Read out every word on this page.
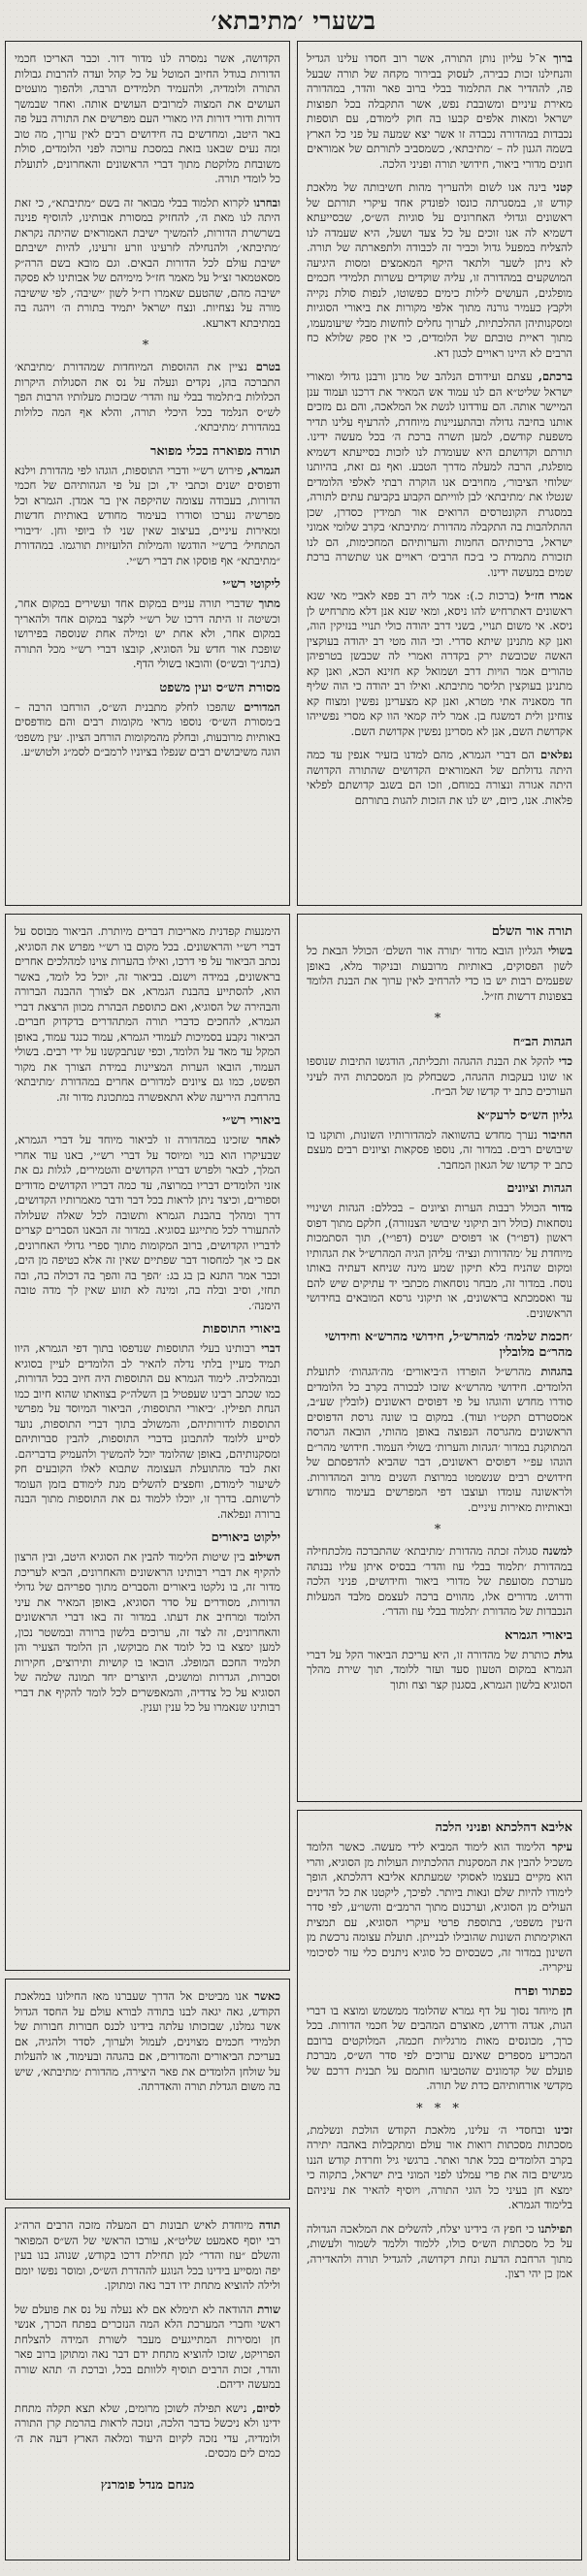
בשערי ׳מתיבתא׳

ברוך א־ל עליון נותן התורה, אשר רוב חסדו עלינו הגדיל והנחילנו זכות כבירה, לעסוק בבירור מקחה של תורה שבעל פה, לההדיר את התלמוד בבלי ברוב פאר והדר, במהדורה מאירת עיניים ומשובבת נפש, אשר התקבלה בכל תפוצות ישראל ומאות אלפים קבעו בה חוק לימודם, עם תוספות נכבדות במהדורה נכבדה זו אשר יצא שמעה על פני כל הארץ בשמה הגנון לה – ׳מתיבתא׳, כשמסביב לתורתם של אמוראים חונים מדורי ביאור, חידושי תורה ופניני הלכה.

קטני בינה אנו לשום ולהעריך מהות חשיבותה של מלאכת קודש זו, במסגרתה כונסו לפונדק אחד עיקרי תורתם של ראשונים וגדולי האחרונים על סוגיות הש״ס, שבסייעתא דשמיא לה אנו זוכים על כל צעד ושעל, היא שעמדה לנו להצליח במפעל גדול וכביר זה לכבודה ולתפארתה של תורה. לא ניתן לשער ולתאר היקף המאמצים ומסות היגיעה המושקעים במהדורה זו, עליה שוקדים עשרות תלמידי חכמים מופלגים, העושים לילות כימים כפשוטו, לנפות סולת נקייה ולקבץ כעמיר גורנה מתוך אלפי מקורות את ביאורי הסוגיות ומסקנותיהן ההלכתיות, לערוך גחלים לוחשות מבלי שיעומעמו, מתוך ראיית טובתם של הלומדים, כי אין ספק שלולא כח הרבים לא היינו ראויים לכגון דא.

ברכתם, עצתם ועידודם הנלהב של מרנן ורבנן גדולי ומאורי ישראל שליט״א הם לנו עמוד אש המאיר את דרכנו ועמוד ענן המיישר אותה. הם עודדונו לגשת אל המלאכה, והם גם מזכים אותנו בחיבה גדולה ובהתעניינות מיוחדת, להרעיף עלינו תדיר משפעת קודשם, למען תשרה ברכת ה׳ בכל מעשה ידינו. תורתם וקדושתם היא שעומדת לנו לזכות בסייעתא דשמיא מופלגת, הרבה למעלה מדרך הטבע. ואף גם זאת, בהיותנו ׳שלוחי הציבור׳, מחויבים אנו הוקרה רבתי לאלפי הלומדים שנטלו את ׳מתיבתא׳ לבן לווייתם הקבוע בקביעת עתים לתורה, במסגרת הקונטרסים הרואים אור תמידין כסדרן, שכן ההתלהבות בה התקבלה מהדורת ׳מתיבתא׳ בקרב שלומי אמוני ישראל, ברכותיהם החמות והערותיהם המחכימות, הם לנו תזכורת מתמדת כי ב׳כח הרבים׳ ראויים אנו שתשרה ברכת שמים במעשה ידינו.

אמרו חז״ל (ברכות כ.): אמר ליה רב פפא לאביי מאי שנא ראשונים דאתרחיש להו ניסא, ומאי שנא אנן דלא מתרחיש לן ניסא. אי משום תנויי, בשני דרב יהודה כולי תנויי בנזיקין הוה, ואנן קא מתנינן שיתא סדרי. וכי הוה מטי רב יהודה בעוקצין האשה שכובשת ירק בקדרה ואמרי לה שכבשן בטרפיהן טהורים אמר הויות דרב ושמואל קא חזינא הכא, ואנן קא מתנינן בעוקצין תליסר מתיבתא. ואילו רב יהודה כי הוה שליף חד מסאניה אתי מטרא, ואנן קא מצערינן נפשין ומצוח קא צוחינן ולית דמשגח בן. אמר ליה קמאי הוו קא מסרי נפשייהו אקדושת השם, אנן לא מסרינן נפשין אקדושת השם.

נפלאים הם דברי הגמרא, מהם למדנו בזעיר אנפין עד כמה היתה גדולתם של האמוראים הקדושים שהתורה הקדושה היתה אגורה ונצורה במוחם, וזכו הם בשגב קדושתם לפלאי פלאות. אנו, כיום, יש לנו את הזכות להגות בתורתם

תורה אור השלם

בשולי הגליון הובא מדור ׳תורה אור השלם׳ הכולל הבאת כל לשון הפסוקים, באותיות מרובעות ובניקוד מלא, באופן שפעמים רבות יש בו כדי להרחיב לאין ערוך את הבנת הלומד בצפונות דרשות חז״ל.

*
הגהות הב״ח

כדי להקל את הבנת ההגהה ותכליתה, הודגשו התיבות שנוספו או שונו בעקבות ההגהה, כשבחלק מן המסכתות היה לעיני העורכים כתב יד קדשו של הב״ח.

גליון הש״ס לרעק״א

החיבור נערך מחדש בהשוואה למהדורותיו השונות, ותוקנו בו שיבושים רבים. במדור זה, נוספו פסקאות וציונים רבים מעצם כתב יד קדשו של הגאון המחבר.

הגהות וציונים

מדור הכולל רבבות הערות וציונים – בכללם: הגהות ושינויי נוסחאות (כולל רוב תיקוני שיבושי הצנזורה), חלקם מתוך דפוס ראשון (דפו״ר) או דפוסים ישנים (דפו״י), תוך הסתמכות מיוחדת על ׳מהדורות ונציה׳ עליהן הגיה המהרש״ל את הגהותיו ומקום שהניח בלא תיקון שמע מינה שניחא דעתיה באותו נוסח. במדור זה, מבחר נוסחאות מכתבי יד עתיקים שיש להם עד ואסמכתא בראשונים, או תיקוני גרסא המובאים בחידושי הראשונים.

׳חכמת שלמה׳ למהרש״ל, חידושי מהרש״א וחידושי מהר״ם מלובלין

בהגהות מהרש״ל הופרדו ה׳ביאורים׳ מה׳הגהות׳ לתועלת הלומדים. חידושי מהרש״א שזכו לבכורה בקרב כל הלומדים סודרו מחדש והוגהו על פי דפוסים ראשונים (לובלין שע״ב, אמסטרדם תקט״ו ועוד). במקום בו שונה גרסת הדפוסים הראשונים מהגרסה הנפוצה באופן מהותי, הובאה הגרסה המתוקנת במדור ׳הגהות והערות׳ בשולי העמוד. חידושי מהר״ם הוגהו עפ״י דפוסים ראשונים, דבר שהביא להדפסתם של חידושים רבים שנשמטו במרוצת השנים מרוב המהדורות. ולראשונה עומדו ועוצבו דפי המפרשים בעימוד מחודש ובאותיות מאירות עיניים.

*

למשנה סגולה זכתה מהדורת ׳מתיבתא׳ שהתברכה מלכתחילה במהדורת ׳תלמוד בבלי עוז והדר׳ בבסיס איתן עליו נבנתה מערכת מסועפת של מדורי ביאור וחידושים, פניני הלכה ודרוש. מדורים אלו, מהווים ברכה לעצמם מלבד המעלות הנכבדות של מהדורת ׳תלמוד בבלי עוז והדר׳.

ביאורי הגמרא

גולת כותרת של מהדורה זו, היא עריכת הביאור הקל על דברי הגמרא במקום הטעון סעד ועזר ללומד, תוך שירת מהלך הסוגיא בלשון הגמרא, בסגנון קצר וצח ותוך

אליבא דהלכתא ופניני הלכה

עיקר הלימוד הוא לימוד המביא לידי מעשה. כאשר הלומד משכיל להבין את המסקנות ההלכתיות העולות מן הסוגיא, והרי הוא מקיים בעצמו לאסוקי שמעתתא אליבא דהלכתא, הופך לימודו להיות שלם ונאות ביותר. לפיכך, ליקטנו את כל הדינים העולים מן הסוגיא, וערכנום מתוך הרמב״ם והשו״ע, לפי סדר ה׳עין משפט׳, בתוספת פרטי עיקרי הסוגיא, עם תמצית האוקימתות השונות שהובילו לבנייתן. תועלת עצומה נרכשת מן השינון במדור זה, כשבסיום כל סוגיא ניתנים כלי עזר לסיכומי עיקריה.

כפתור ופרח

חן מיוחד נסוך על דף גמרא שהלומד ממשמש ומוצא בו דברי הגות, אגדה ודרוש, מאוצרם המהבים של חכמי הדורות. בכל כרך, מכונסים מאות מרגליות חכמה, המלוקטים ברובם המכריע מספרים שאינם ערוכים לפי סדר הש״ס, מברכת פועלם של קדמונים שהטביעו חותמם על תבנית דרכם של מקדשי אורחותיהם כדת של תורה.

* * *

זכינו ובחסדי ה׳ עלינו, מלאכת הקודש הולכת ונשלמת, מסכתות מסכתות רואות אור עולם ומתקבלות באהבה יתירה בקרב הלומדים בכל אתר ואתר. ברגשי גיל וחרדת קודש הננו מגישים בזה את פרי עמלנו לפני המוני בית ישראל, בתקוה כי ימצא חן בעיני כל הוגי התורה, ויוסיף להאיר את עיניהם בלימוד הגמרא.

תפילתנו כי חפץ ה׳ בידינו יצלח, להשלים את המלאכה הגדולה על כל מסכתות הש״ס כולו, ללמוד וללמד לשמור ולעשות, מתוך הרחבת הדעת ונחת דקדושה, להגדיל תורה ולהאדירה, אמן כן יהי רצון.

הקדושה, אשר נמסרה לנו מדור דור. וכבר האריכו חכמי הדורות בגודל החיוב המוטל על כל קהל ועדה להרבות גבולות התורה ולומדיה, ולהעמיד תלמידים הרבה, ולהפוך מועטים העושים את המצוה למרובים העושים אותה. ואחר שבמשך דורות ודורי דורות היו מאורי העם מפרשים את התורה בעל פה באר היטב, ומחדשים בה חידושים רבים לאין ערוך, מה טוב ומה נעים שבאנו בזאת במסכת ערוכה לפני הלומדים, סולת משובחת מלוקטת מתוך דברי הראשונים והאחרונים, לתועלת כל לומדי תורה.

ובחרנו לקרוא תלמוד בבלי מבואר זה בשם ״מתיבתא״, כי זאת היתה לנו מאת ה׳, להחזיק במסורת אבותינו, להוסיף פנינה בשרשרת הדורות, להמשיך ישיבת האמוראים שהיתה נקראת ׳מתיבתא׳, ולהנחילה לזרעינו וזרע זרעינו, להיות ישיבתם ישיבת עולם לכל הדורות הבאים. וגם מובא בשם הרה״ק מסאטמאר זצ״ל על מאמר חז״ל מימיהם של אבותינו לא פסקה ישיבה מהם, שהטעם שאמרו רז״ל לשון ׳ישיבה׳, לפי שישיבה מורה על נצחיות. ונצח ישראל יתמיד בתורת ה׳ ויהגה בה במתיבתא דארעא.

*

בטרם נציין את ההוספות המיוחדות שמהדורת ׳מתיבתא׳ התברכה בהן, נקדים ונעלה על נס את הסגולות היקרות הכלולות ב׳תלמוד בבלי עוז והדר׳ שבזכות מעלותיו הרבות הפך לש״ס הנלמד בכל היכלי תורה, והלא אף המה כלולות במהדורת ׳מתיבתא׳.

תורה מפוארה בכלי מפואר

הגמרא, פירוש רש״י ודברי התוספות, הוגהו לפי מהדורת וילנא ודפוסים ישנים וכתבי יד, וכן על פי הגהותיהם של חכמי הדורות, בעבודה עצומה שהיקפה אין בר אמדן. הגמרא וכל מפרשיה נערכו וסודרו בעימוד מחודש באותיות חדשות ומאירות עיניים, בעיצוב שאין שני לו ביופי וחן. ׳דיבורי המתחיל׳ ברש״י הודגשו והמילות הלועזיות תורגמו. במהדורת ״מתיבתא״ אף פוסקו את דברי רש״י.

ליקוטי רש״י

מתוך שדברי תורה עניים במקום אחד ועשירים במקום אחר, וכשיטה זו היתה דרכו של רש״י לקצר במקום אחד ולהאריך במקום אחר, ולא אחת יש ומילה אחת שנוספה בפירושו שופכת אור חדש על הסוגיא, קובצו דברי רש״י מכל התורה (בתנ״ך ובש״ס) והובאו בשולי הדף.

מסורת הש״ס ועין משפט

המדורים שהפכו לחלק מתבנית הש״ס, הורחבו הרבה – ב׳מסורת הש״ס׳ נוספו מראי מקומות רבים והם מודפסים באותיות מרובעות, ובחלק מהמקומות הורחב הציון. ׳עין משפט׳ הוגה משיבושים רבים שנפלו בציוניו לרמב״ם לסמ״ג ולטוש״ע.

הימנעות קפדנית מאריכות דברים מיותרת. הביאור מבוסס על דברי רש״י והראשונים. בכל מקום בו רש״י מפרש את הסוגיא, נכתב הביאור על פי דרכו, ואילו בהערות צוינו למהלכים אחרים בראשונים, במידה וישנם. בביאור זה, יוכל כל לומד, באשר הוא, להסתייע בהבנת הגמרא, אם לצורך ההבנה הברורה והבהירה של הסוגיא, ואם כתוספת הבהרת מכוון הרצאת דברי הגמרא, להחכים כדברי תורה המתהדרים בדקדוק חברים. הביאור נקבע בסמיכות לעמודי הגמרא, עמוד כנגד עמוד, באופן המקל עד מאד על הלומד, וכפי שנתבקשנו על ידי רבים. בשולי העמוד, הובאו הערות המציינות במידת הצורך את מקור הפשט, כמו גם ציונים למדורים אחרים במהדורת ׳מתיבתא׳ בהרחבת היריעה שלא התאפשרה במתכונת מדור זה.

ביאורי רש״י

לאחר שזכינו במהדורה זו לביאור מיוחד על דברי הגמרא, שבעיקרו הוא בנוי ומיוסד על דברי רש״י, באנו עוד אחרי המלך, לבאר ולפרש דבריו הקדושים והטמירים, לגלות גם את אזני הלומדים דבריו במרוצה, עד כמה דבריו הקדושים מדודים וספורים, וכיצד ניתן לראות בכל דבר ודבר מאמרותיו הקדושים, דרך ומהלך בהבנת הגמרא ותשובה לכל שאלה שעלולה להתעורר לכל מתייגע בסוגיא. במדור זה הבאנו הסברים קצרים לדבריו הקדושים, ברוב המקומות מתוך ספרי גדולי האחרונים, אם כי אך למחסור דבר שפתיים שאין זה אלא כטיפה מן הים, וכבר אמר התנא בן בג בג: ׳הפך בה והפך בה דכולה בה, ובה תחזי, וסיב ובלה בה, ומינה לא תזוע שאין לך מדה טובה הימנה׳.

ביאורי התוספות

דברי רבותינו בעלי התוספות שנדפסו בתוך דפי הגמרא, היוו תמיד מעיין בלתי נדלה להאיר לב הלומדים לעיין בסוגיא ובמהלכיה. לימוד הגמרא עם התוספות היה חיוב בכל הדורות, כמו שכתב רבינו שעפטיל בן השלה״ק בצוואתו שהוא חיוב כמו הנחת תפילין. ׳ביאורי התוספות׳, הביאור המיוסד על מפרשי התוספות לדורותיהם, והמשולב בתוך דברי התוספות, נועד לסייע ללומד להתבונן בדברי התוספות, להבין סברותיהם ומסקנותיהם, באופן שהלומד יוכל להמשיך ולהעמיק בדבריהם. זאת לבד מהתועלת העצומה שתבוא לאלו הקובעים חק לשיעור לימודם, וחפצים להשלים מנת לימודם בזמן העומד לרשותם. בדרך זו, יוכלו ללמוד גם את התוספות מתוך הבנה ברורה ונפלאה.

ילקוט ביאורים

השילוב בין שיטות הלימוד להבין את הסוגיא היטב, ובין הרצון להקיף את דברי רבותינו הראשונים והאחרונים, הביא לעריכת מדור זה, בו נלקטו ביאורים והסברים מתוך ספריהם של גדולי הדורות, מסודרים על סדר הסוגיא, באופן המאיר את עיני הלומד ומרחיב את דעתו. במדור זה באו דברי הראשונים והאחרונים, זה לצד זה, ערוכים בלשון ברורה ובמשטר נכון, למען ימצא בו כל לומד את מבוקשו, הן הלומד הצעיר והן תלמיד החכם המופלג. הובאו בו קושיות ותירוצים, חקירות וסברות, הגדרות ומושגים, היוצרים יחד תמונה שלמה של הסוגיא על כל צדדיה, והמאפשרים לכל לומד להקיף את דברי רבותינו שנאמרו על כל ענין וענין.

כאשר אנו מביטים אל הדרך שעברנו מאז החילונו במלאכת הקודש, גאה יגאה לבנו בתודה לבורא עולם על החסד הגדול אשר גמלנו, שבזכותו עלתה בידינו לכנס חבורות חבורות של תלמידי חכמים מצוינים, לעמול ולערוך, לסדר ולהגיה, אם בעריכת הביאורים והמדורים, אם בהגהה ובעימוד, או להעלות על שולחן הלומדים את פאר היצירה, מהדורת ׳מתיבתא׳, שיש בה משום הגדלת תורה והאדרתה.

תודה מיוחדת לאיש תבונות רם המעלה מזכה הרבים הרה״ג רבי יוסף סאמעט שליט״א, עורכו הראשי של הש״ס המפואר והשלם ״עוז והדר״ למן תחילת דרכו בקודש, שנוהג בנו בעין יפה ומסייע בידינו בכל הנוגע לההדרת הש״ס, ומוסר נפשו יומם ולילה להוציא מתחת ידו דבר נאה ומתוקן.

שורת ההודאה לא תימלא אם לא נעלה על נס את פועלם של ראשי וחברי המערכת הלא המה הנזכרים בפתח הכרך, אנשי חן ומסירות המתייגעים מעבר לשורת המידה להצלחת הפרויקט, שזכו להוציא מתחת ידם דבר נאה ומתוקן ברוב פאר והדר, זכות הרבים תוסיף ללוותם בכל, וברכת ה׳ תהא שורה במעשה ידיהם.

לסיום, נישא תפילה לשוכן מרומים, שלא תצא תקלה מתחת ידינו ולא ניכשל בדבר הלכה, ונזכה לראות בהרמת קרן התורה ולומדיה, עדי נזכה לקיום היעוד ומלאה הארץ דעה את ה׳ כמים לים מכסים.

מנחם מנדל פומרנץ
